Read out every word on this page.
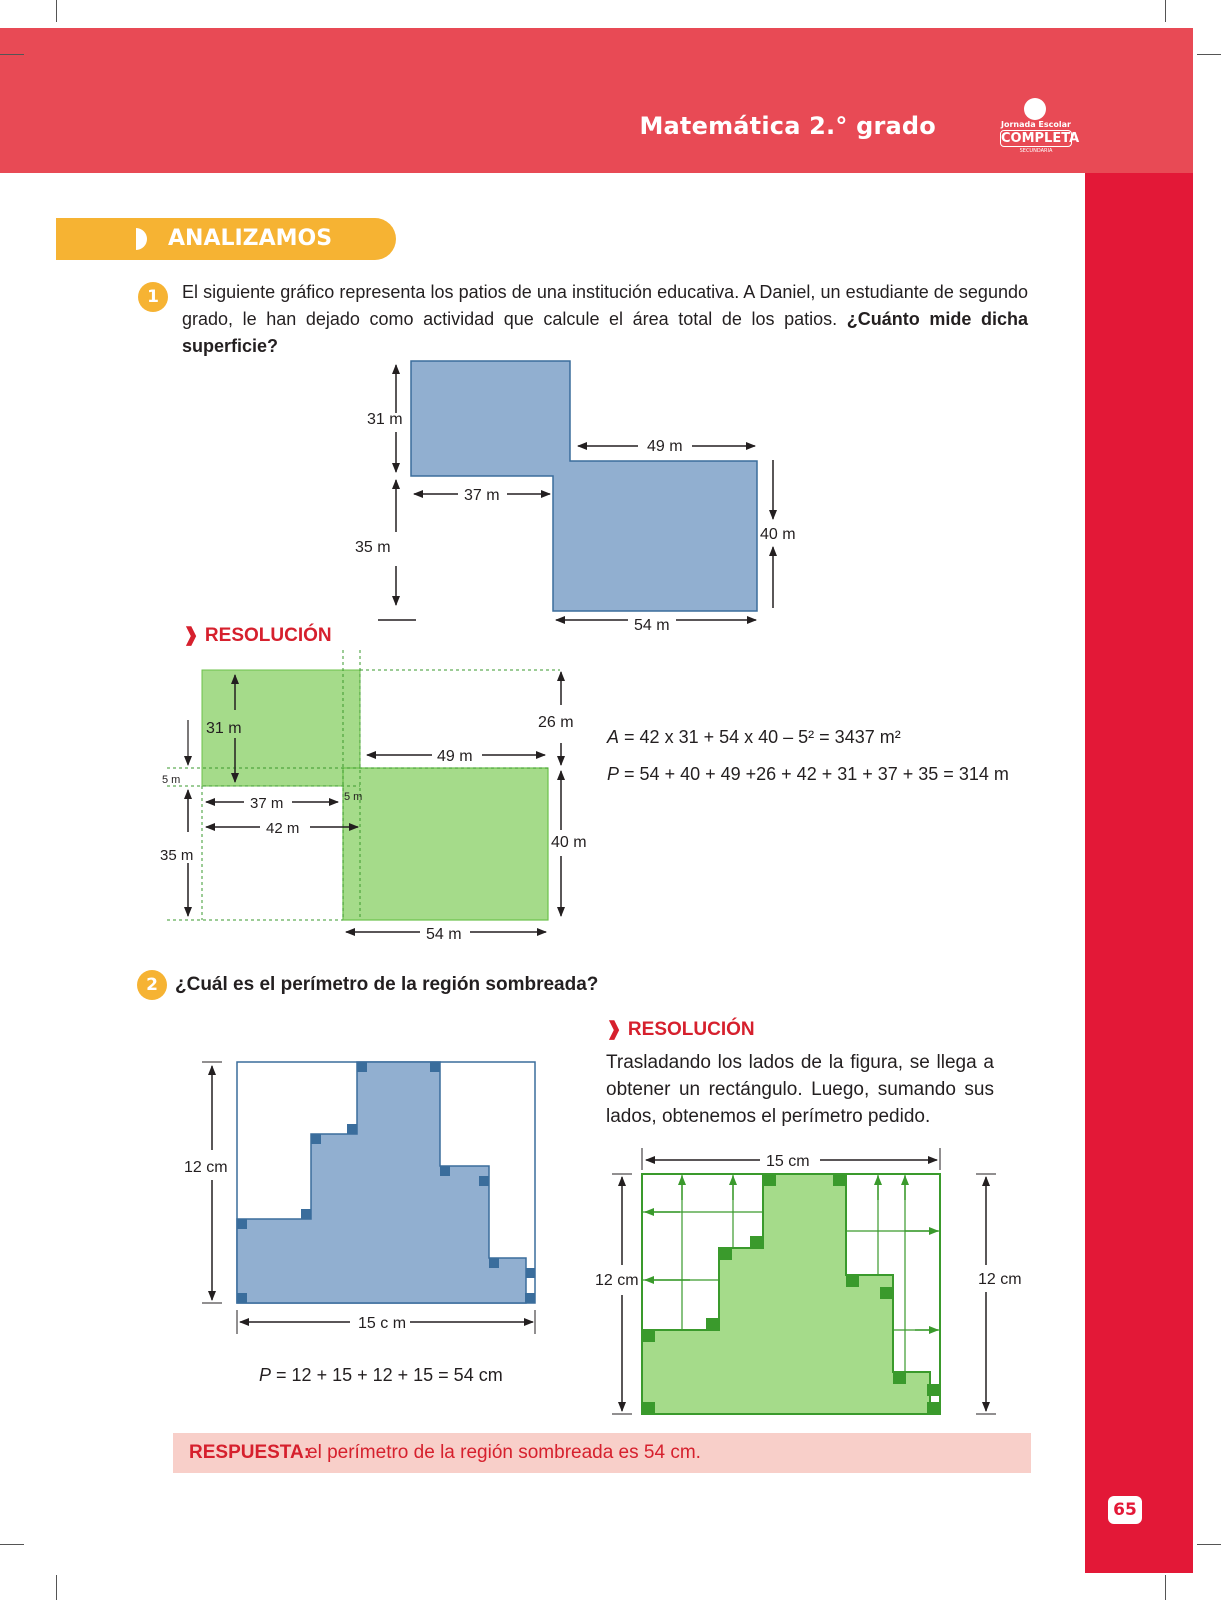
Matemática 2.° grado	Jornada Escolar
COMPLETA
SECUNDARIA
ANALIZAMOS
1	El siguiente gráfico representa los patios de una institución educativa. A Daniel, un estudiante de segundo grado, le han dejado como actividad que calcule el área total de los patios. ¿Cuánto mide dicha superficie?
31 m
49 m
37 m
35 m
40 m
54 m
31 m	26 m
49 m
5 m
5 m
37 m
42 m
35 m
40 m
54 m
12 cm
15 c m
15 cm
12 cm	12 cm
❱ RESOLUCIÓN
A = 42 x 31 + 54 x 40 – 5² = 3437 m²
P = 54 + 40 + 49 +26 + 42 + 31 + 37 + 35 = 314 m
2 ¿Cuál es el perímetro de la región sombreada?
❱ RESOLUCIÓN
Trasladando los lados de la figura, se llega a obtener un rectángulo. Luego, sumando sus lados, obtenemos el perímetro pedido.
P = 12 + 15 + 12 + 15 = 54 cm
RESPUESTA:
el perímetro de la región sombreada es 54 cm.
65
